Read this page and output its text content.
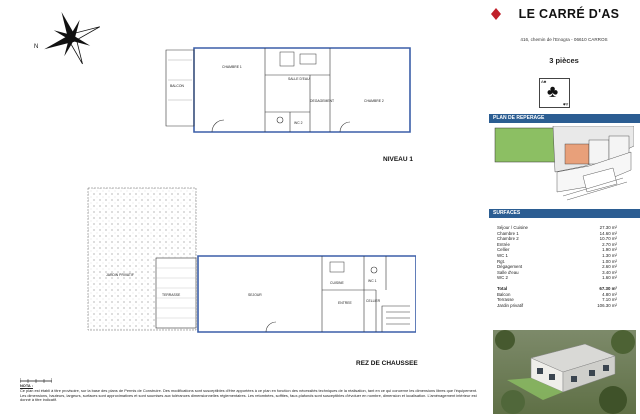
LE CARRÉ D'AS
416, chemin de l'Enogra - 06610 CARROS
3 pièces
A♣
♣
A♣
PLAN DE REPERAGE
SURFACES
Séjour / Cuisine	27.30 m²
Chambre 1	14.60 m²
Chambre 2	10.70 m²
Entrée	2.70 m²
Cellier	1.90 m²
WC 1	1.30 m²
Rgt.	1.00 m²
Dégagement	2.60 m²
Salle d'eau	3.40 m²
WC 2	1.60 m²
Total	67.30 m²
Balcon	4.80 m²
Terrasse	7.10 m²
Jardin privatif	106.30 m²
N
BALCON
CHAMBRE 1
SALLE D'EAU
DEGAGEMENT
WC 2
CHAMBRE 2
NIVEAU 1
JARDIN PRIVATIF
TERRASSE	SEJOUR
CUISINE
ENTREE
WC 1
CELLIER
REZ DE CHAUSSEE
NOTA :
Ce plan est établi à titre provisoire, sur la base des plans de Permis de Construire. Des modifications sont susceptibles d'être apportées à ce plan en fonction des nécessités techniques de la réalisation, tant en ce qui concerne les dimensions libres que l'équipement. Les dimensions, hauteurs, largeurs, surfaces sont approximatives et sont soumises aux tolérances dimensionnelles réglementaires. Les retombées, soffites, faux-plafonds sont susceptibles d'évoluer en nombre, dimension et localisation. L'aménagement intérieur est donné à titre indicatif.
